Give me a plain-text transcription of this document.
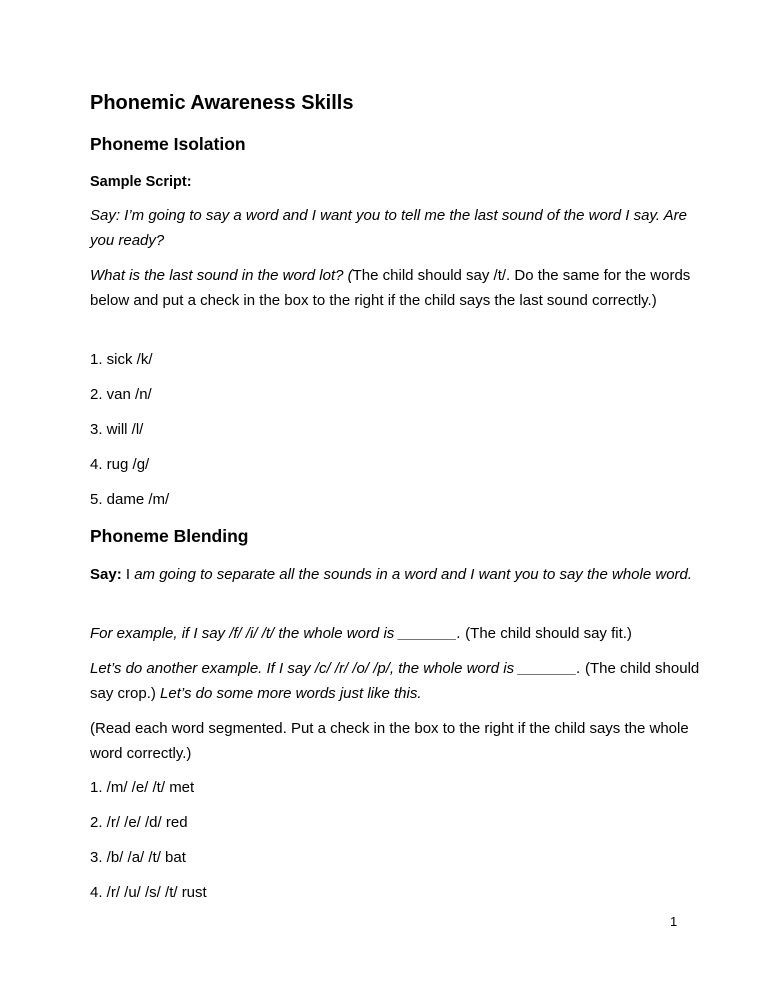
Phonemic Awareness Skills
Phoneme Isolation
Sample Script:
Say: I’m going to say a word and I want you to tell me the last sound of the word I say. Are you ready?
What is the last sound in the word lot? (The child should say /t/. Do the same for the words below and put a check in the box to the right if the child says the last sound correctly.)
1. sick /k/
2. van /n/
3. will /l/
4. rug /g/
5. dame /m/
Phoneme Blending
Say: I am going to separate all the sounds in a word and I want you to say the whole word.
For example, if I say /f/ /i/ /t/ the whole word is _______. (The child should say fit.)
Let’s do another example. If I say /c/ /r/ /o/ /p/, the whole word is _______. (The child should say crop.) Let’s do some more words just like this.
(Read each word segmented. Put a check in the box to the right if the child says the whole word correctly.)
1. /m/ /e/ /t/ met
2. /r/ /e/ /d/ red
3. /b/ /a/ /t/ bat
4. /r/ /u/ /s/ /t/ rust
1
